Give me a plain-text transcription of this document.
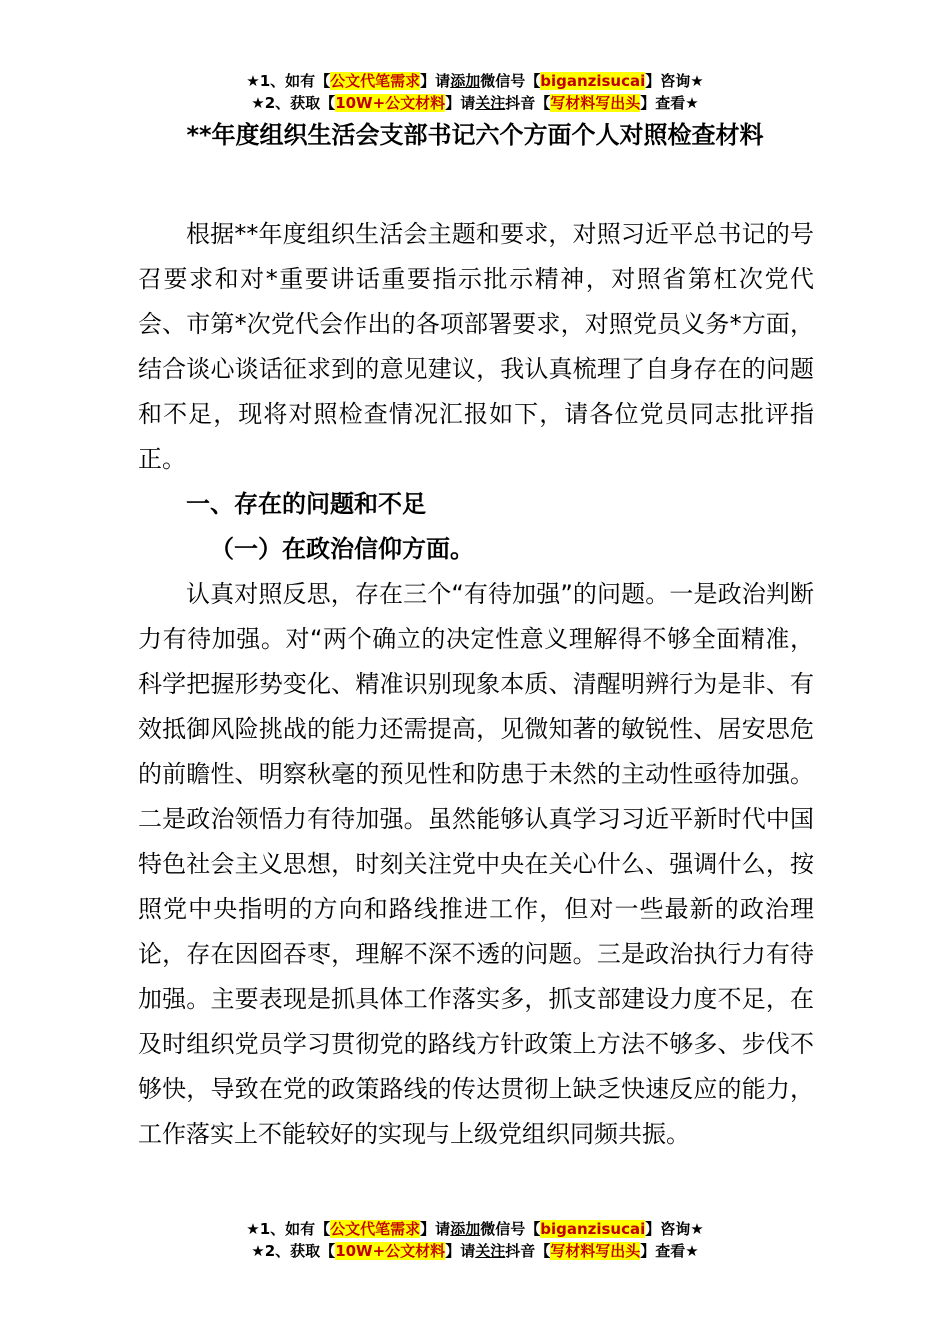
★1、如有【公文代笔需求】请添加微信号【biganzisucai】咨询★
★2、获取【10W+公文材料】请关注抖音【写材料写出头】查看★
**年度组织生活会支部书记六个方面个人对照检查材料

根据**年度组织生活会主题和要求，对照习近平总书记的号召要求和对*重要讲话重要指示批示精神，对照省第杠次党代会、市第*次党代会作出的各项部署要求，对照党员义务*方面，结合谈心谈话征求到的意见建议，我认真梳理了自身存在的问题和不足，现将对照检查情况汇报如下，请各位党员同志批评指正。

一、存在的问题和不足
（一）在政治信仰方面。

认真对照反思，存在三个“有待加强”的问题。一是政治判断力有待加强。对“两个确立的决定性意义理解得不够全面精准，科学把握形势变化、精准识别现象本质、清醒明辨行为是非、有效抵御风险挑战的能力还需提高，见微知著的敏锐性、居安思危的前瞻性、明察秋毫的预见性和防患于未然的主动性亟待加强。二是政治领悟力有待加强。虽然能够认真学习习近平新时代中国特色社会主义思想，时刻关注党中央在关心什么、强调什么，按照党中央指明的方向和路线推进工作，但对一些最新的政治理论，存在因囵吞枣，理解不深不透的问题。三是政治执行力有待加强。主要表现是抓具体工作落实多，抓支部建设力度不足，在及时组织党员学习贯彻党的路线方针政策上方法不够多、步伐不够快，导致在党的政策路线的传达贯彻上缺乏快速反应的能力，工作落实上不能较好的实现与上级党组织同频共振。

★1、如有【公文代笔需求】请添加微信号【biganzisucai】咨询★
★2、获取【10W+公文材料】请关注抖音【写材料写出头】查看★
